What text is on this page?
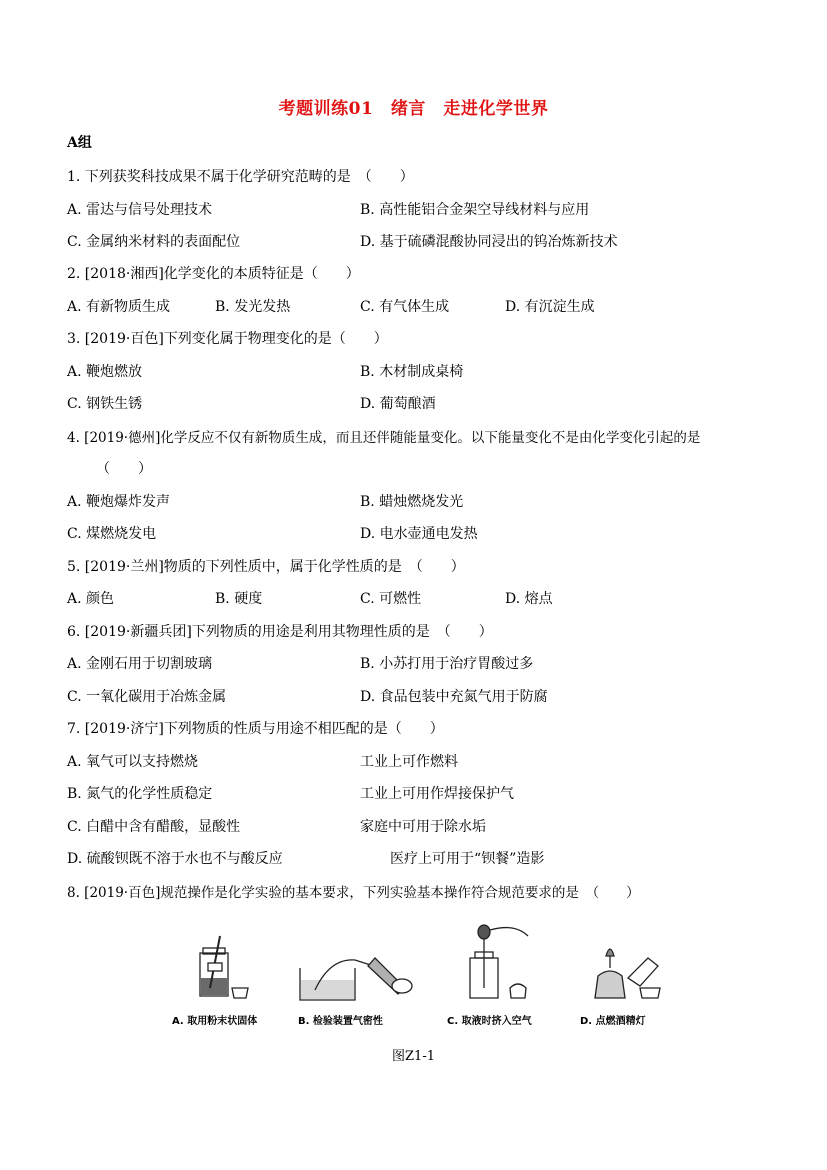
考题训练01　绪言　走进化学世界
A组
1. 下列获奖科技成果不属于化学研究范畴的是　（　　）
A. 雷达与信号处理技术	B. 高性能铝合金架空导线材料与应用
C. 金属纳米材料的表面配位	D. 基于硫磷混酸协同浸出的钨冶炼新技术
2. [2018·湘西]化学变化的本质特征是（　　）
A. 有新物质生成	B. 发光发热	C. 有气体生成	D. 有沉淀生成
3. [2019·百色]下列变化属于物理变化的是（　　）
A. 鞭炮燃放	B. 木材制成桌椅
C. 钢铁生锈	D. 葡萄酿酒
4. [2019·德州]化学反应不仅有新物质生成，而且还伴随能量变化。以下能量变化不是由化学变化引起的是
（　　）
A. 鞭炮爆炸发声	B. 蜡烛燃烧发光
C. 煤燃烧发电	D. 电水壶通电发热
5. [2019·兰州]物质的下列性质中，属于化学性质的是　（　　）
A. 颜色	B. 硬度	C. 可燃性	D. 熔点
6. [2019·新疆兵团]下列物质的用途是利用其物理性质的是　（　　）
A. 金刚石用于切割玻璃	B. 小苏打用于治疗胃酸过多
C. 一氧化碳用于冶炼金属	D. 食品包装中充氮气用于防腐
7. [2019·济宁]下列物质的性质与用途不相匹配的是（　　）
A. 氧气可以支持燃烧	工业上可作燃料
B. 氮气的化学性质稳定	工业上可用作焊接保护气
C. 白醋中含有醋酸，显酸性	家庭中可用于除水垢
D. 硫酸钡既不溶于水也不与酸反应	医疗上可用于“钡餐”造影
8. [2019·百色]规范操作是化学实验的基本要求，下列实验基本操作符合规范要求的是　（　　）
A. 取用粉末状固体	B. 检验装置气密性	C. 取液时挤入空气	D. 点燃酒精灯
图Z1-1
